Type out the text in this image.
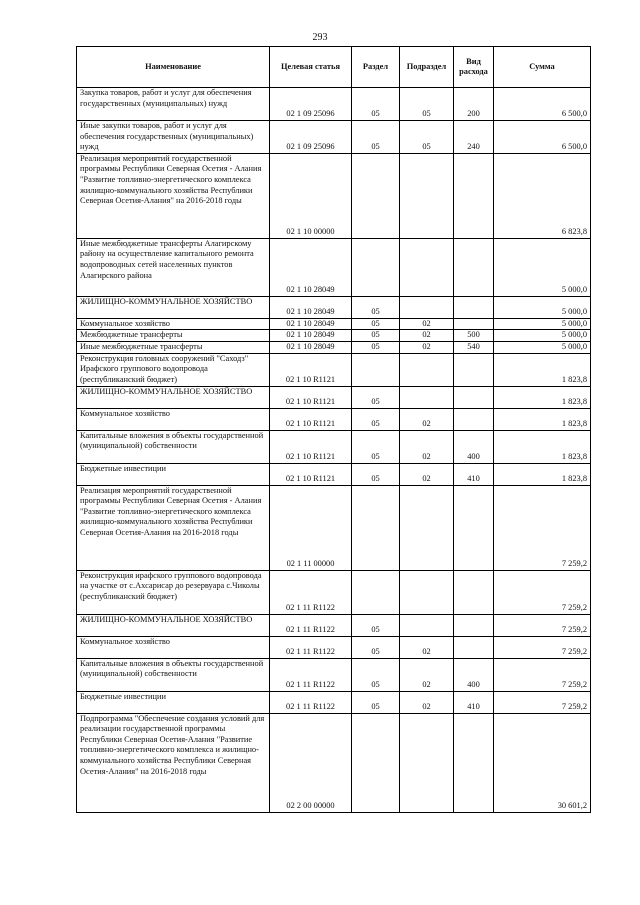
293
Наименование	Целевая статья	Раздел	Подраздел	Вид расхода	Сумма
Закупка товаров, работ и услуг для обеспечения государственных (муниципальных) нужд	02 1 09 25096	05	05	200	6 500,0
Иные закупки товаров, работ и услуг для обеспечения государственных (муниципальных) нужд	02 1 09 25096	05	05	240	6 500,0
Реализация мероприятий государственной программы Республики Северная Осетия - Алания "Развитие топливно-энергетического комплекса жилищно-коммунального хозяйства Республики Северная Осетия-Алания" на 2016-2018 годы	02 1 10 00000				6 823,8
Иные межбюджетные трансферты Алагирскому району на осуществление капитального ремонта водопроводных сетей населенных пунктов Алагирского района	02 1 10 28049				5 000,0
ЖИЛИЩНО-КОММУНАЛЬНОЕ ХОЗЯЙСТВО	02 1 10 28049	05			5 000,0
Коммунальное хозяйство	02 1 10 28049	05	02		5 000,0
Межбюджетные трансферты	02 1 10 28049	05	02	500	5 000,0
Иные межбюджетные трансферты	02 1 10 28049	05	02	540	5 000,0
Реконструкция головных сооружений "Саходз" Ирафского группового водопровода (республиканский бюджет)	02 1 10 R1121				1 823,8
ЖИЛИЩНО-КОММУНАЛЬНОЕ ХОЗЯЙСТВО	02 1 10 R1121	05			1 823,8
Коммунальное хозяйство	02 1 10 R1121	05	02		1 823,8
Капитальные вложения в объекты государственной (муниципальной) собственности	02 1 10 R1121	05	02	400	1 823,8
Бюджетные инвестиции	02 1 10 R1121	05	02	410	1 823,8
Реализация мероприятий государственной программы Республики Северная Осетия - Алания "Развитие топливно-энергетического комплекса жилищно-коммунального хозяйства Республики Северная Осетия-Алания на 2016-2018 годы	02 1 11 00000				7 259,2
Реконструкция ирафского группового водопровода на участке от с.Ахсарисар до резервуара с.Чиколы (республиканский бюджет)	02 1 11 R1122				7 259,2
ЖИЛИЩНО-КОММУНАЛЬНОЕ ХОЗЯЙСТВО	02 1 11 R1122	05			7 259,2
Коммунальное хозяйство	02 1 11 R1122	05	02		7 259,2
Капитальные вложения в объекты государственной (муниципальной) собственности	02 1 11 R1122	05	02	400	7 259,2
Бюджетные инвестиции	02 1 11 R1122	05	02	410	7 259,2
Подпрограмма "Обеспечение создания условий для реализации государственной программы Республики Северная Осетия-Алания "Развитие топливно-энергетического комплекса и жилищно-коммунального хозяйства Республики Северная Осетия-Алания" на 2016-2018 годы	02 2 00 00000				30 601,2
